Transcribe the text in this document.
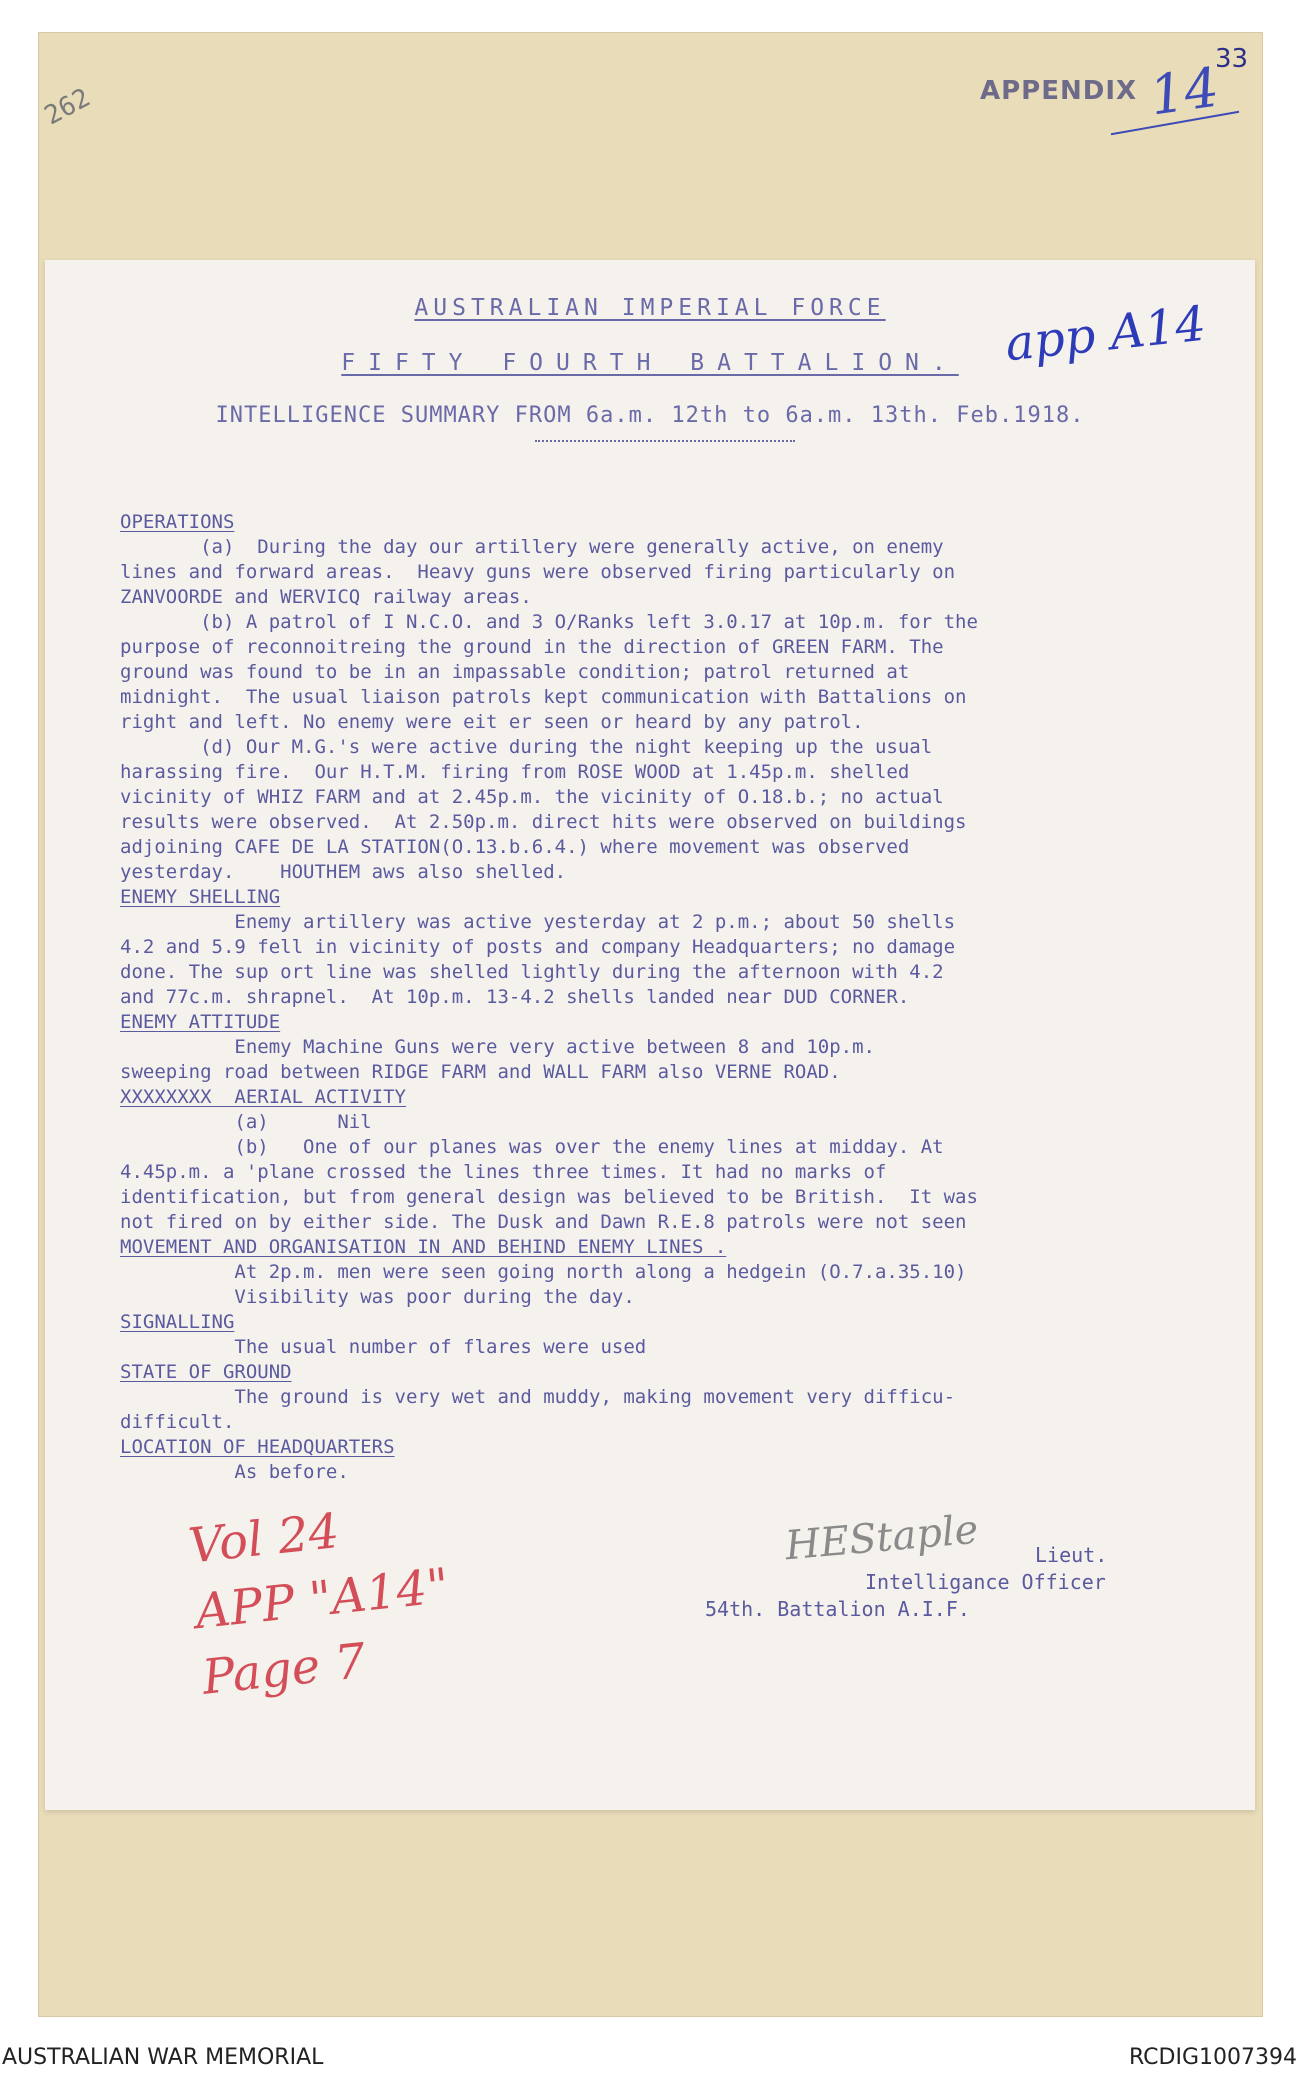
262	APPENDIX 14
33
AUSTRALIAN IMPERIAL FORCE
FIFTY FOURTH BATTALION.
INTELLIGENCE SUMMARY FROM 6a.m. 12th to 6a.m. 13th. Feb.1918.
app A14

OPERATIONS
(a)  During the day our artillery were generally active, on enemy
lines and forward areas.  Heavy guns were observed firing particularly on
ZANVOORDE and WERVICQ railway areas.
(b) A patrol of I N.C.O. and 3 O/Ranks left 3.0.17 at 10p.m. for the
purpose of reconnoitreing the ground in the direction of GREEN FARM. The
ground was found to be in an impassable condition; patrol returned at
midnight.  The usual liaison patrols kept communication with Battalions on
right and left. No enemy were eit er seen or heard by any patrol.
(d) Our M.G.'s were active during the night keeping up the usual
harassing fire.  Our H.T.M. firing from ROSE WOOD at 1.45p.m. shelled
vicinity of WHIZ FARM and at 2.45p.m. the vicinity of O.18.b.; no actual
results were observed.  At 2.50p.m. direct hits were observed on buildings
adjoining CAFE DE LA STATION(O.13.b.6.4.) where movement was observed
yesterday.    HOUTHEM aws also shelled.
ENEMY SHELLING
Enemy artillery was active yesterday at 2 p.m.; about 50 shells
4.2 and 5.9 fell in vicinity of posts and company Headquarters; no damage
done. The sup ort line was shelled lightly during the afternoon with 4.2
and 77c.m. shrapnel.  At 10p.m. 13-4.2 shells landed near DUD CORNER.
ENEMY ATTITUDE
Enemy Machine Guns were very active between 8 and 10p.m.
sweeping road between RIDGE FARM and WALL FARM also VERNE ROAD.
XXXXXXXX  AERIAL ACTIVITY
(a)      Nil
(b)   One of our planes was over the enemy lines at midday. At
4.45p.m. a 'plane crossed the lines three times. It had no marks of
identification, but from general design was believed to be British.  It was
not fired on by either side. The Dusk and Dawn R.E.8 patrols were not seen
MOVEMENT AND ORGANISATION IN AND BEHIND ENEMY LINES .
At 2p.m. men were seen going north along a hedgein (O.7.a.35.10)
Visibility was poor during the day.
SIGNALLING
The usual number of flares were used
STATE OF GROUND
The ground is very wet and muddy, making movement very difficu-
difficult.
LOCATION OF HEADQUARTERS
As before.

Vol 24
APP "A14"
Page 7
HEStaple	Lieut.
Intelligance Officer
54th. Battalion A.I.F.
AUSTRALIAN WAR MEMORIAL	RCDIG1007394
